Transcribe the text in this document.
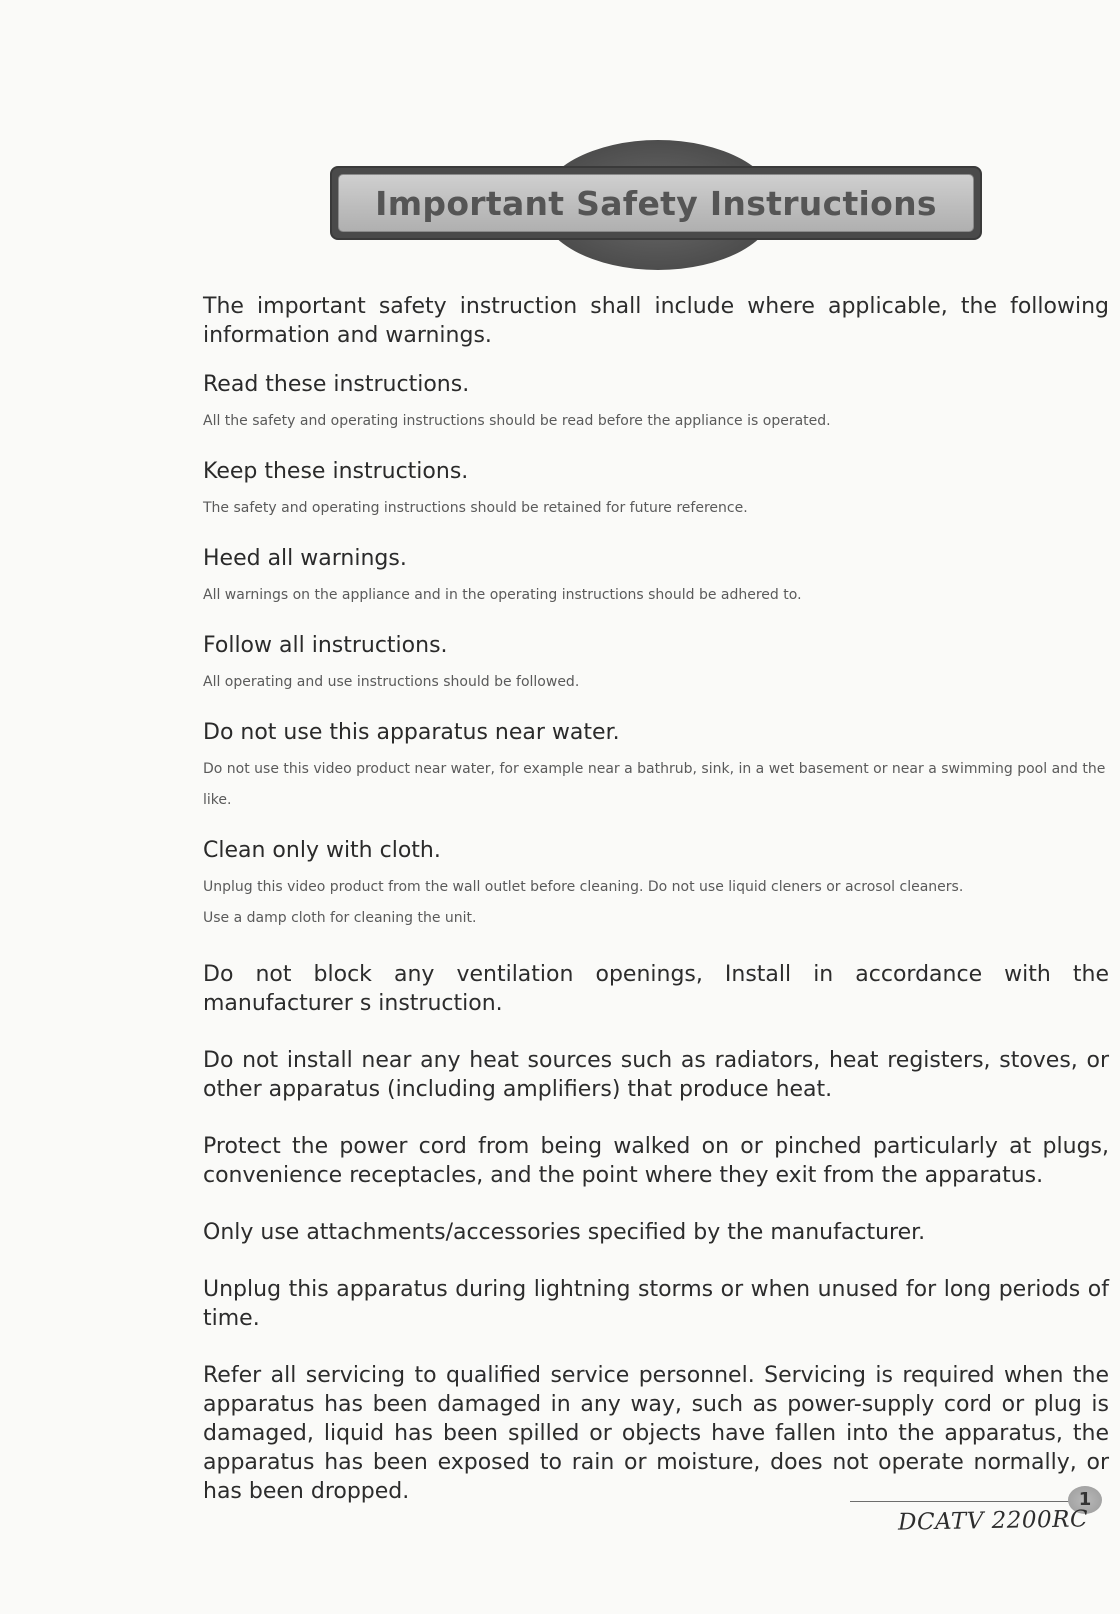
Important Safety Instructions

The important safety instruction shall include where applicable, the following information and warnings.

Read these instructions.

All the safety and operating instructions should be read before the appliance is operated.

Keep these instructions.

The safety and operating instructions should be retained for future reference.

Heed all warnings.

All warnings on the appliance and in the operating instructions should be adhered to.

Follow all instructions.

All operating and use instructions should be followed.

Do not use this apparatus near water.

Do not use this video product near water, for example near a bathrub, sink, in a wet basement or near a swimming pool and the like.

Clean only with cloth.

Unplug this video product from the wall outlet before cleaning. Do not use liquid cleners or acrosol cleaners.

Use a damp cloth for cleaning the unit.

Do not block any ventilation openings, Install in accordance with the manufacturer s instruction.

Do not install near any heat sources such as radiators, heat registers, stoves, or other apparatus (including amplifiers) that produce heat.

Protect the power cord from being walked on or pinched particularly at plugs, convenience receptacles, and the point where they exit from the apparatus.

Only use attachments/accessories specified by the manufacturer.

Unplug this apparatus during lightning storms or when unused for long periods of time.

Refer all servicing to qualified service personnel. Servicing is required when the apparatus has been damaged in any way, such as power-supply cord or plug is damaged, liquid has been spilled or objects have fallen into the apparatus, the apparatus has been exposed to rain or moisture, does not operate normally, or has been dropped.	1
DCATV 2200RC
